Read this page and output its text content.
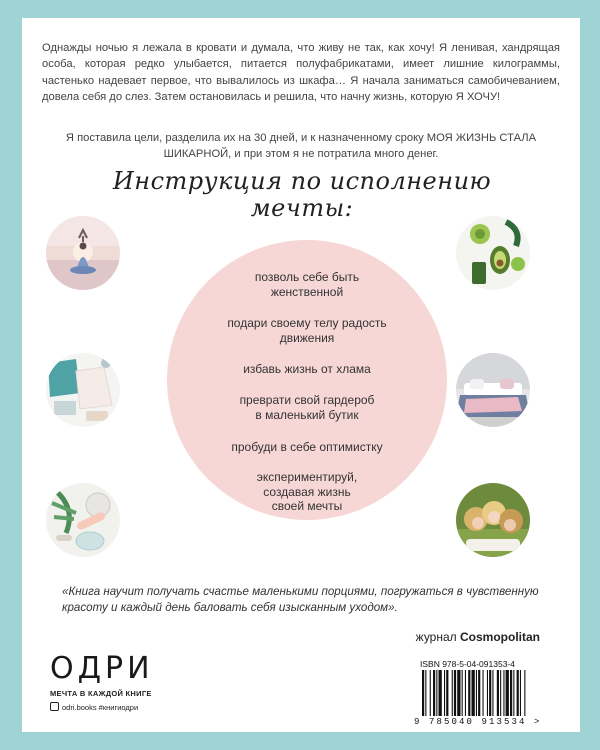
Однажды ночью я лежала в кровати и думала, что живу не так, как хочу! Я ленивая, хандрящая особа, которая редко улыбается, питается полуфабрикатами, имеет лишние килограммы, частенько надевает первое, что вывалилось из шкафа… Я начала заниматься самобичеванием, довела себя до слез. Затем остановилась и решила, что начну жизнь, которую Я ХОЧУ!

Я поставила цели, разделила их на 30 дней, и к назначенному сроку МОЯ ЖИЗНЬ СТАЛА ШИКАРНОЙ, и при этом я не потратила много денег.

Инструкция по исполнению
мечты:
позволь себе быть
женственной
подари своему телу радость
движения
избавь жизнь от хлама
преврати свой гардероб
в маленький бутик
пробуди в себе оптимистку
экспериментируй,
создавая жизнь
своей мечты
«Книга научит получать счастье маленькими порциями, погружаться в чувственную красоту и каждый день баловать себя изысканным уходом».
журнал Cosmopolitan
ОДРИ
МЕЧТА В КАЖДОЙ КНИГЕ
odri.books #книгиодри
ISBN 978-5-04-091353-4
9 785040 913534 >
